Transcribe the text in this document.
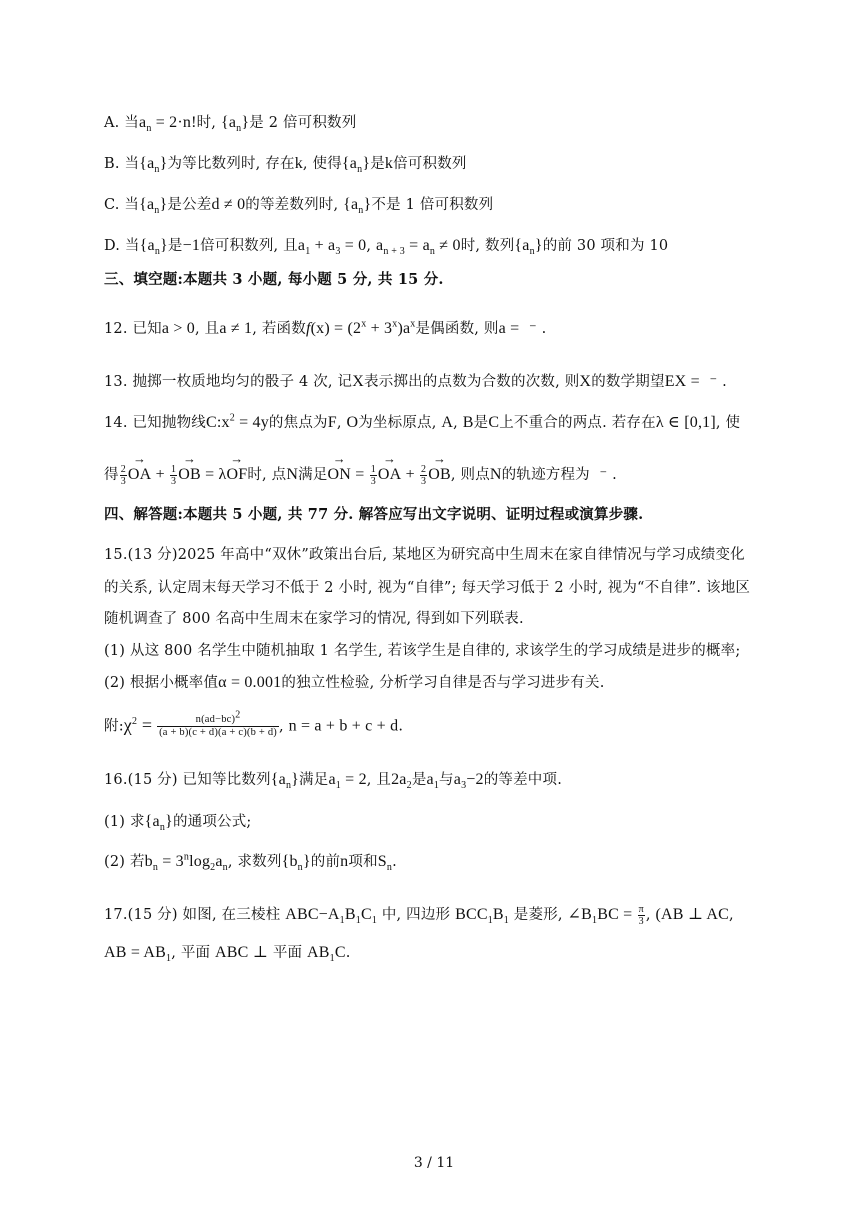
A. 当$a_n = 2\cdot n$!时, $\{a_n\}$是 2 倍可积数列
B. 当$\{a_n\}$为等比数列时, 存在k, 使得$\{a_n\}$是k倍可积数列
C. 当$\{a_n\}$是公差d ≠ 0的等差数列时, $\{a_n\}$不是 1 倍可积数列
D. 当$\{a_n\}$是−1倍可积数列, 且$a_1 + a_3 = 0$, $a_{n + 3} = a_n \ne 0$时, 数列$\{a_n\}$的前 30 项和为 10
三、填空题:本题共 3 小题, 每小题 5 分, 共 15 分.
12. 已知a > 0, 且a ≠ 1, 若函数$f(x) = (2^x + 3^x)a^x$是偶函数, 则a = ⁻ .
13. 抛掷一枚质地均匀的骰子 4 次, 记X表示掷出的点数为合数的次数, 则X的数学期望EX = ⁻ .
14. 已知抛物线$C:x^2 = 4y$的焦点为F, O为坐标原点, A, B是C上不重合的两点. 若存在λ ∈ [0,1], 使
得 $\frac{2}{3}$ → OA + $\frac{1}{3}$ → OB = λ→ OF时, 点N满足→ ON = $\frac{1}{3}$ → OA + $\frac{2}{3}$ → OB, 则点N的轨迹方程为 ⁻ .
四、解答题:本题共 5 小题, 共 77 分. 解答应写出文字说明、证明过程或演算步骤.
15.(13 分)2025 年高中“双休”政策出台后, 某地区为研究高中生周末在家自律情况与学习成绩变化
的关系, 认定周末每天学习不低于 2 小时, 视为“自律”; 每天学习低于 2 小时, 视为“不自律”. 该地区
随机调查了 800 名高中生周末在家学习的情况, 得到如下列联表.
(1) 从这 800 名学生中随机抽取 1 名学生, 若该学生是自律的, 求该学生的学习成绩是进步的概率;
(2) 根据小概率值α = 0.001的独立性检验, 分析学习自律是否与学习进步有关.
附$:\chi^2 = \frac{n(ad-bc)^2}{(a + b)(c + d)(a + c)(b + d)}$ , n = a + b + c + d.
16.(15 分) 已知等比数列$\{a_n\}$满足$a_1 = 2$, 且$2a_2$是$a_1$与$a_3-2$的等差中项.
(1) 求$\{a_n\}$的通项公式;
(2) 若$b_n = 3^n\log_2a_n$, 求数列$\{b_n\}$的前n项和$S_n$.
17.(15 分) 如图, 在三棱柱 $ABC-A_1B_1C_1$ 中, 四边形 $BCC_1B_1$ 是菱形, $\angle B_1BC = \frac{\pi}{3}$ , (AB ⊥ AC,
AB = $AB_1$, 平面 ABC ⊥ 平面 $AB_1C$.
3 / 11
